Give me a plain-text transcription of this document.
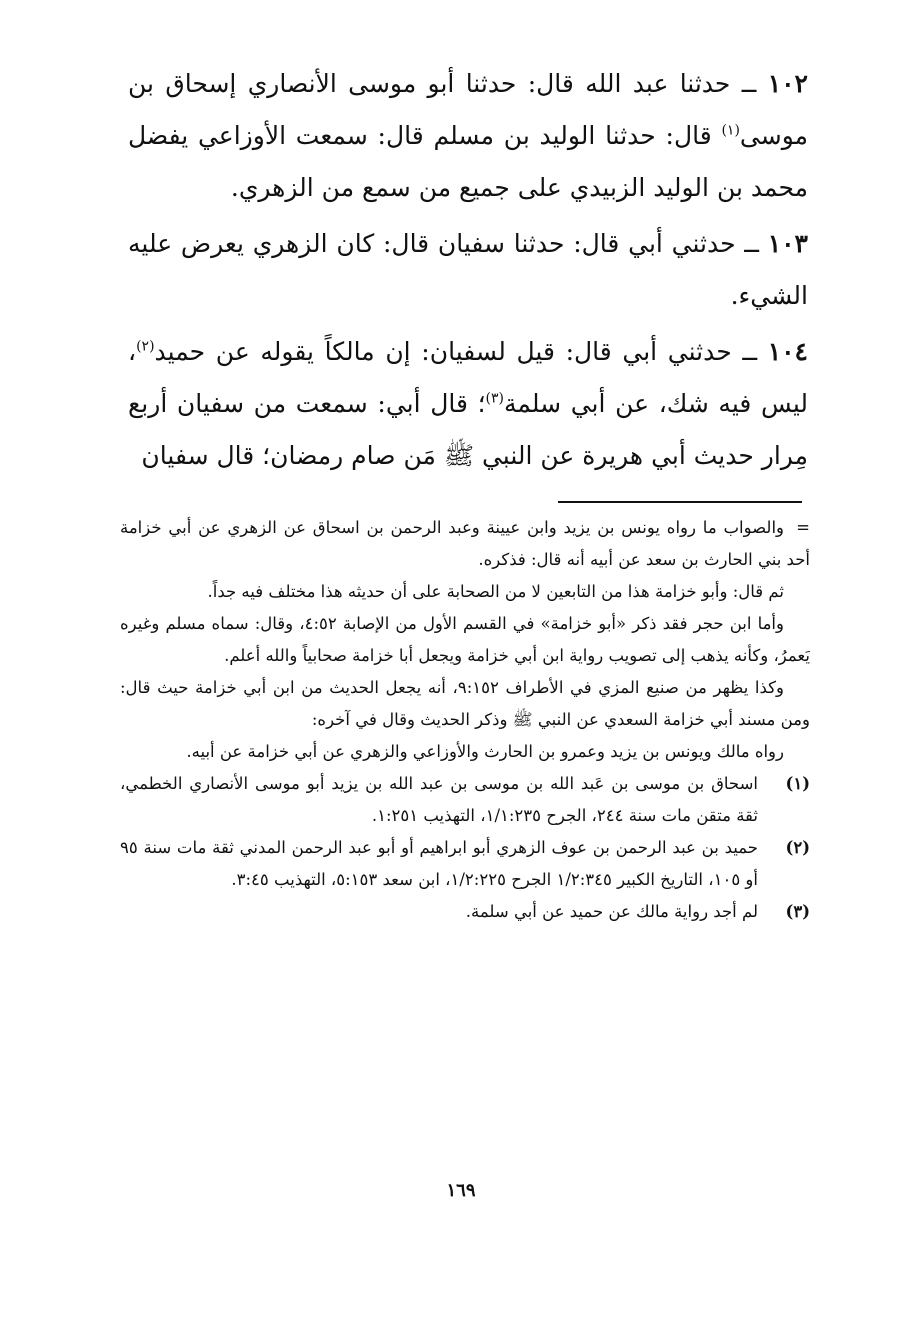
١٠٢ ــ حدثنا عبد الله قال: حدثنا أبو موسى الأنصاري إسحاق بن موسى$^{(١)}$ قال: حدثنا الوليد بن مسلم قال: سمعت الأوزاعي يفضل محمد بن الوليد الزبيدي على جميع من سمع من الزهري.

١٠٣ ــ حدثني أبي قال: حدثنا سفيان قال: كان الزهري يعرض عليه الشيء.

١٠٤ ــ حدثني أبي قال: قيل لسفيان: إن مالكاً يقوله عن حميد$^{(٢)}$، ليس فيه شك، عن أبي سلمة$^{(٣)}$؛ قال أبي: سمعت من سفيان أربع مِرار حديث أبي هريرة عن النبي ﷺ مَن صام رمضان؛ قال سفيان

=والصواب ما رواه يونس بن يزيد وابن عيينة وعبد الرحمن بن اسحاق عن الزهري عن أبي خزامة أحد بني الحارث بن سعد عن أبيه أنه قال: فذكره.

ثم قال: وأبو خزامة هذا من التابعين لا من الصحابة على أن حديثه هذا مختلف فيه جداً.

وأما ابن حجر فقد ذكر «أبو خزامة» في القسم الأول من الإصابة ٤:٥٢، وقال: سماه مسلم وغيره يَعمرُ، وكأنه يذهب إلى تصويب رواية ابن أبي خزامة ويجعل أبا خزامة صحابياً والله أعلم.

وكذا يظهر من صنيع المزي في الأطراف ٩:١٥٢، أنه يجعل الحديث من ابن أبي خزامة حيث قال: ومن مسند أبي خزامة السعدي عن النبي ﷺ وذكر الحديث وقال في آخره:

رواه مالك ويونس بن يزيد وعمرو بن الحارث والأوزاعي والزهري عن أبي خزامة عن أبيه.

(١)
اسحاق بن موسى بن عَبد الله بن موسى بن عبد الله بن يزيد أبو موسى الأنصاري الخطمي، ثقة متقن مات سنة ٢٤٤، الجرح ١/١:٢٣٥، التهذيب ١:٢٥١.
(٢)
حميد بن عبد الرحمن بن عوف الزهري أبو ابراهيم أو أبو عبد الرحمن المدني ثقة مات سنة ٩٥ أو ١٠٥، التاريخ الكبير ١/٢:٣٤٥ الجرح ١/٢:٢٢٥، ابن سعد ٥:١٥٣، التهذيب ٣:٤٥.
(٣)
لم أجد رواية مالك عن حميد عن أبي سلمة.
١٦٩
